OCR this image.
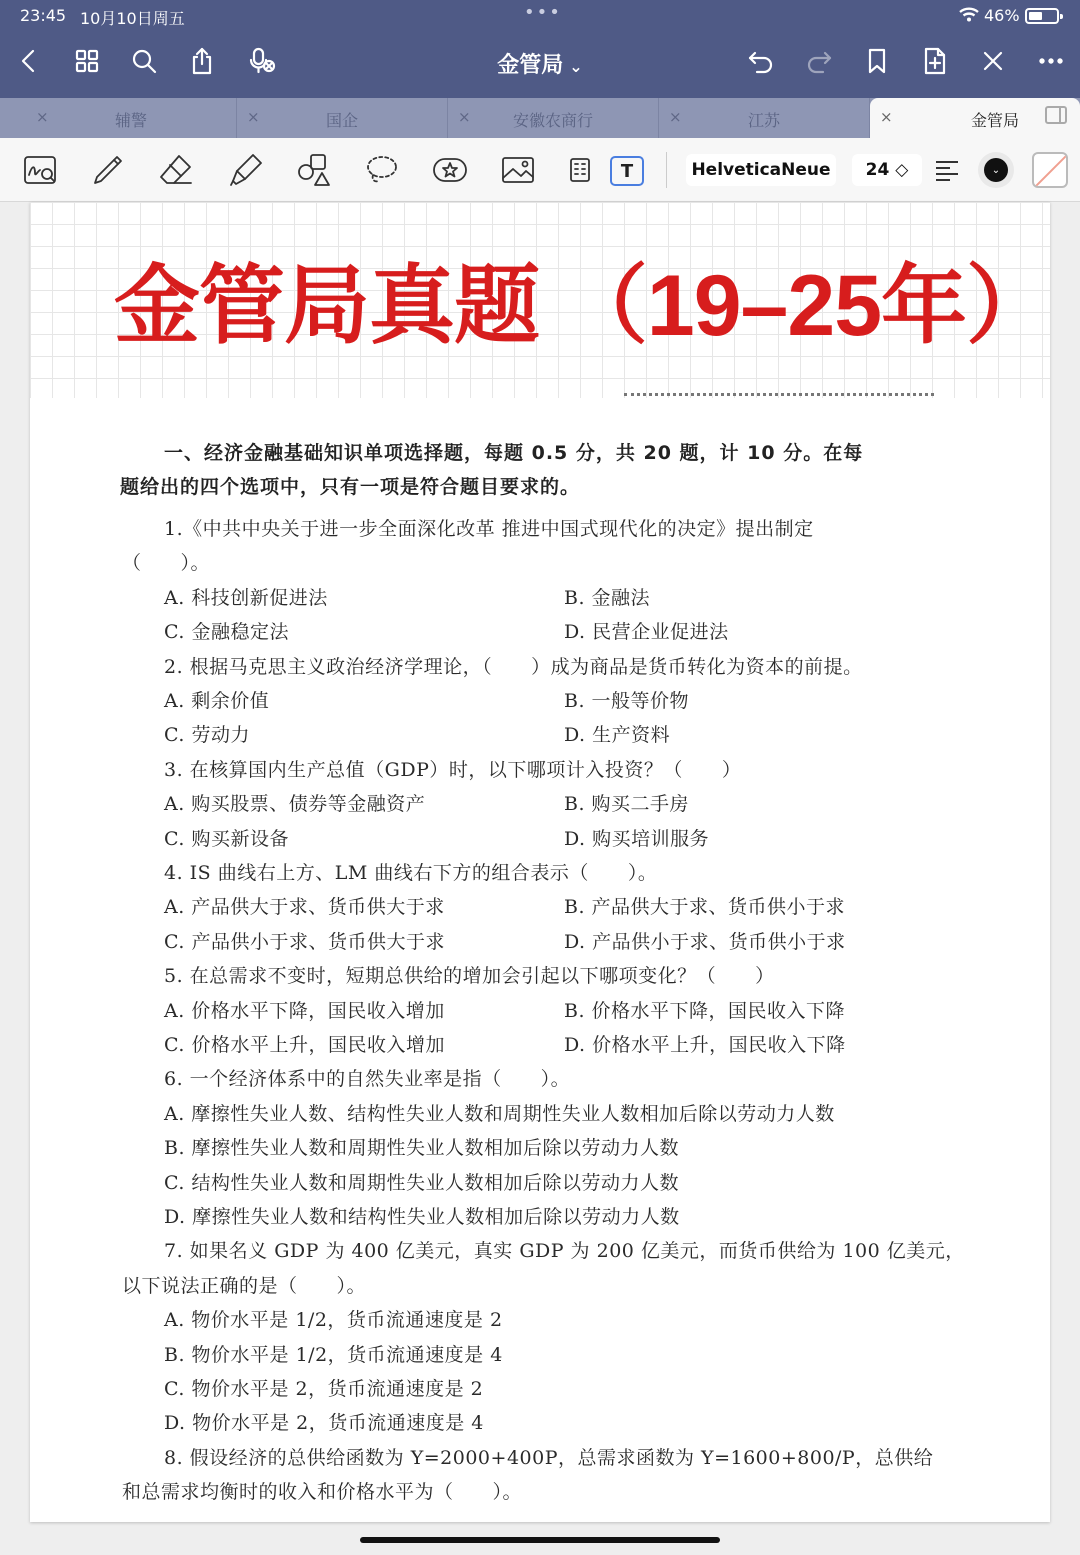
23:45 10月10日周五	•••	46%
金管局 ⌄
×	辅警	×	国企	×	安徽农商行	×	江苏	×	金管局
T	HelveticaNeue	24 ◇	⌄
金管局真题 （19–25年）
一、经济金融基础知识单项选择题，每题 0.5 分，共 20 题，计 10 分。在每
题给出的四个选项中，只有一项是符合题目要求的。
1.《中共中央关于进一步全面深化改革 推进中国式现代化的决定》提出制定
（　　）。
A. 科技创新促进法	B. 金融法
C. 金融稳定法	D. 民营企业促进法
2. 根据马克思主义政治经济学理论，（　　）成为商品是货币转化为资本的前提。
A. 剩余价值	B. 一般等价物
C. 劳动力	D. 生产资料
3. 在核算国内生产总值（GDP）时，以下哪项计入投资？（　　）
A. 购买股票、债券等金融资产	B. 购买二手房
C. 购买新设备	D. 购买培训服务
4. IS 曲线右上方、LM 曲线右下方的组合表示（　　）。
A. 产品供大于求、货币供大于求	B. 产品供大于求、货币供小于求
C. 产品供小于求、货币供大于求	D. 产品供小于求、货币供小于求
5. 在总需求不变时，短期总供给的增加会引起以下哪项变化？（　　）
A. 价格水平下降，国民收入增加	B. 价格水平下降，国民收入下降
C. 价格水平上升，国民收入增加	D. 价格水平上升，国民收入下降
6. 一个经济体系中的自然失业率是指（　　）。
A. 摩擦性失业人数、结构性失业人数和周期性失业人数相加后除以劳动力人数
B. 摩擦性失业人数和周期性失业人数相加后除以劳动力人数
C. 结构性失业人数和周期性失业人数相加后除以劳动力人数
D. 摩擦性失业人数和结构性失业人数相加后除以劳动力人数
7. 如果名义 GDP 为 400 亿美元，真实 GDP 为 200 亿美元，而货币供给为 100 亿美元，
以下说法正确的是（　　）。
A. 物价水平是 1/2，货币流通速度是 2
B. 物价水平是 1/2，货币流通速度是 4
C. 物价水平是 2，货币流通速度是 2
D. 物价水平是 2，货币流通速度是 4
8. 假设经济的总供给函数为 Y=2000+400P，总需求函数为 Y=1600+800/P，总供给
和总需求均衡时的收入和价格水平为（　　）。
